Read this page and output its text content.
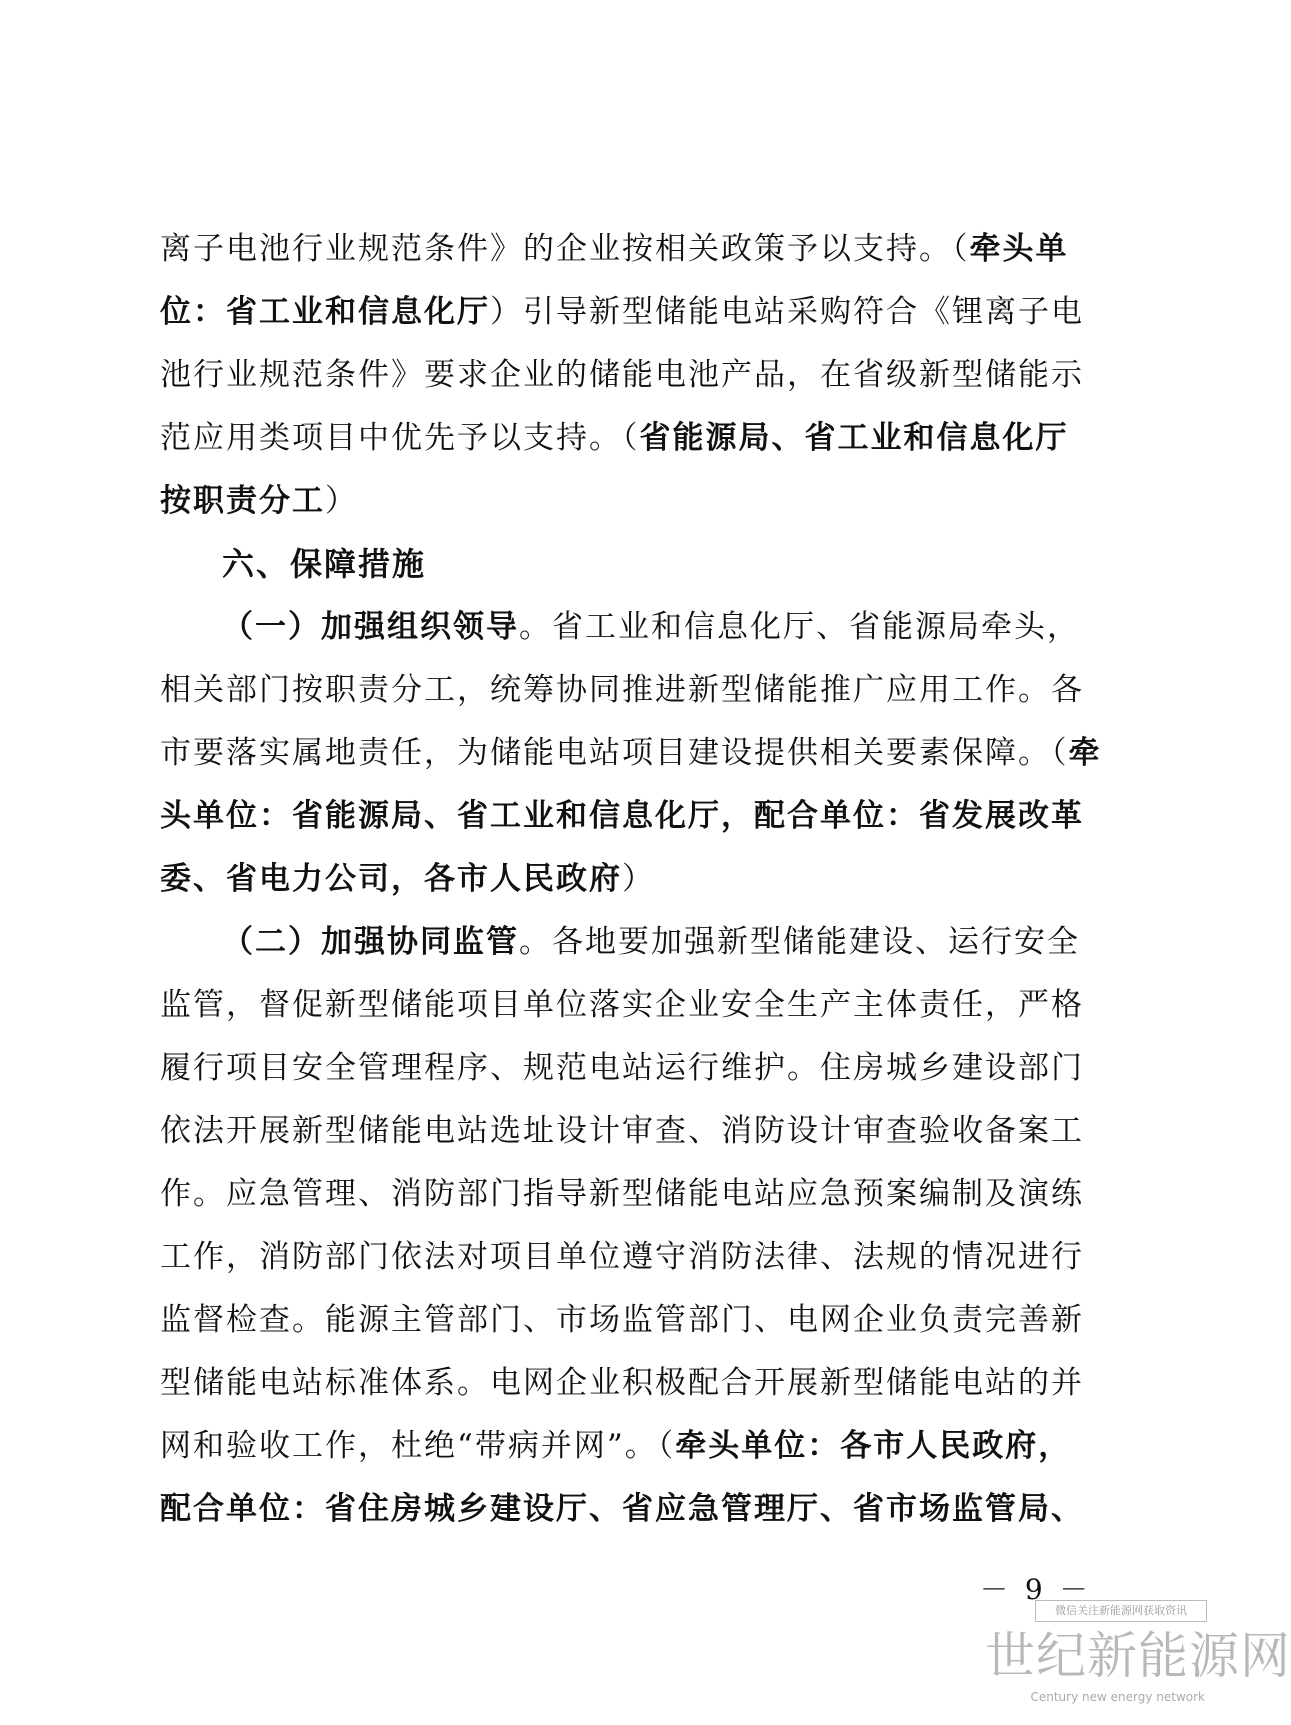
离子电池行业规范条件》的企业按相关政策予以支持。（牵头单
位：省工业和信息化厅）引导新型储能电站采购符合《锂离子电
池行业规范条件》要求企业的储能电池产品，在省级新型储能示
范应用类项目中优先予以支持。（省能源局、省工业和信息化厅
按职责分工）
六、保障措施
（一）加强组织领导。省工业和信息化厅、省能源局牵头，
相关部门按职责分工，统筹协同推进新型储能推广应用工作。各
市要落实属地责任，为储能电站项目建设提供相关要素保障。（牵
头单位：省能源局、省工业和信息化厅，配合单位：省发展改革
委、省电力公司，各市人民政府）
（二）加强协同监管。各地要加强新型储能建设、运行安全
监管，督促新型储能项目单位落实企业安全生产主体责任，严格
履行项目安全管理程序、规范电站运行维护。住房城乡建设部门
依法开展新型储能电站选址设计审查、消防设计审查验收备案工
作。应急管理、消防部门指导新型储能电站应急预案编制及演练
工作，消防部门依法对项目单位遵守消防法律、法规的情况进行
监督检查。能源主管部门、市场监管部门、电网企业负责完善新
型储能电站标准体系。电网企业积极配合开展新型储能电站的并
网和验收工作，杜绝“带病并网”。（牵头单位：各市人民政府，
配合单位：省住房城乡建设厅、省应急管理厅、省市场监管局、
－ 9 －
微信关注新能源网获取资讯
世纪新能源网
Century new energy network
